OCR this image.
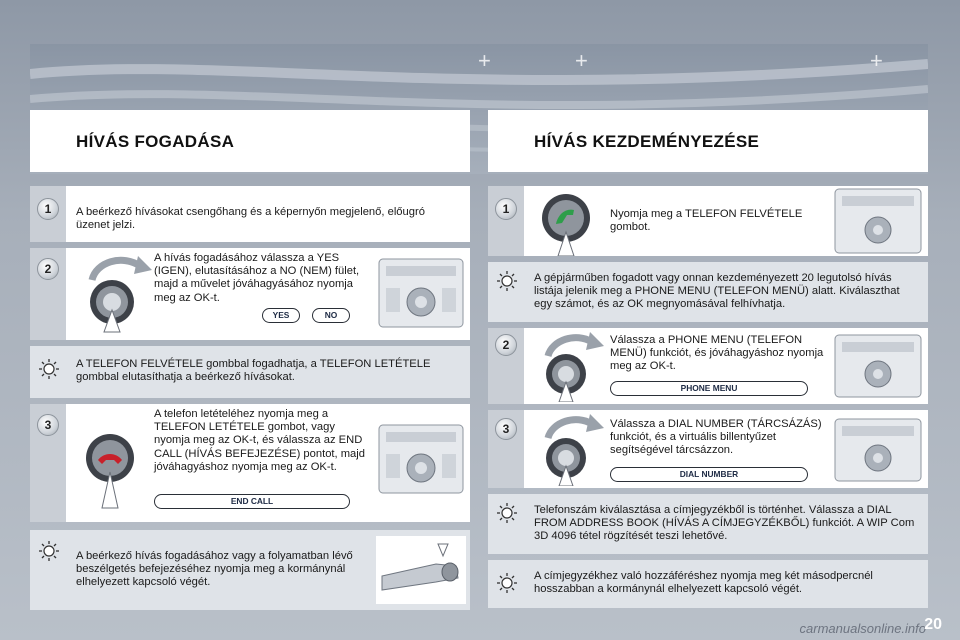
+	+	+
HÍVÁS FOGADÁSA
1	A beérkező hívásokat csengőhang és a képernyőn megjelenő, előugró üzenet jelzi.
2
A hívás fogadásához válassza a YES (IGEN), elutasításához a NO (NEM) fület, majd a művelet jóváhagyásához nyomja meg az OK-t.
YES	NO
A TELEFON FELVÉTELE gombbal fogadhatja, a TELEFON LETÉTELE gombbal elutasíthatja a beérkező hívásokat.
3
A telefon letételéhez nyomja meg a TELEFON LETÉTELE gombot, vagy nyomja meg az OK-t, és válassza az END CALL (HÍVÁS BEFEJEZÉSE) pontot, majd jóváhagyáshoz nyomja meg az OK-t.
END CALL
A beérkező hívás fogadásához vagy a folyamatban lévő beszélgetés befejezéséhez nyomja meg a kormánynál elhelyezett kapcsoló végét.
HÍVÁS KEZDEMÉNYEZÉSE
1	Nyomja meg a TELEFON FELVÉTELE gombot.
A gépjárműben fogadott vagy onnan kezdeményezett 20 legutolsó hívás listája jelenik meg a PHONE MENU (TELEFON MENÜ) alatt. Kiválaszthat egy számot, és az OK megnyomásával felhívhatja.
2	Válassza a PHONE MENU (TELEFON MENÜ) funkciót, és jóváhagyáshoz nyomja meg az OK-t.
PHONE MENU
3	Válassza a DIAL NUMBER (TÁRCSÁZÁS) funkciót, és a virtuális billentyűzet segítségével tárcsázzon.
DIAL NUMBER
Telefonszám kiválasztása a címjegyzékből is történhet. Válassza a DIAL FROM ADDRESS BOOK (HÍVÁS A CÍMJEGYZÉKBŐL) funkciót. A WIP Com 3D 4096 tétel rögzítését teszi lehetővé.
A címjegyzékhez való hozzáféréshez nyomja meg két másodpercnél hosszabban a kormánynál elhelyezett kapcsoló végét.
carmanualsonline.info
20
